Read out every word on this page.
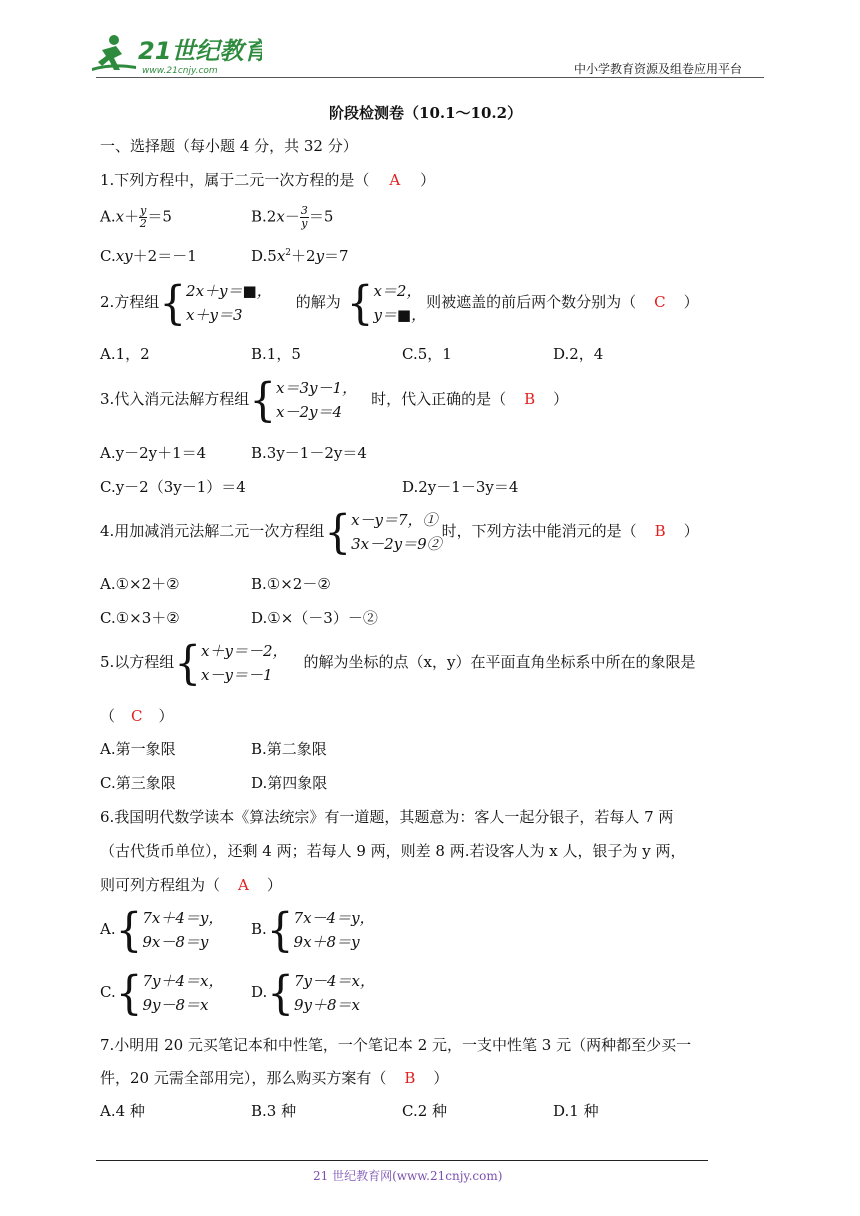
21世纪教育
www.21cnjy.com	中小学教育资源及组卷应用平台
阶段检测卷（10.1～10.2）
一、选择题（每小题 4 分，共 32 分）
1.下列方程中，属于二元一次方程的是（ A ）
$A.x+ \frac{y}{2} =5$	$B.2x- \frac{3}{y} =5$
C.xy＋2＝－1	$D.5x^2+2y=7$
2.方程组{ 2x＋y＝■，
x＋y＝3
的解为 { x＝2，
y＝■，
则被遮盖的前后两个数分别为（ C ）
A.1，2	B.1，5	C.5，1	D.2，4
3.代入消元法解方程组{ x＝3y－1，
x－2y＝4
时，代入正确的是（ B ）
A.y－2y＋1＝4	B.3y－1－2y＝4
C.y－2（3y－1）＝4	D.2y－1－3y＝4
4.用加减消元法解二元一次方程组{ x－y＝7，①
3x－2y＝9②
时，下列方法中能消元的是（ B ）
A.①×2＋②	B.①×2－②
C.①×3＋②	D.①×（－3）－②
5.以方程组{ x＋y＝－2，
x－y＝－1
的解为坐标的点（x，y）在平面直角坐标系中所在的象限是
（ C ）
A.第一象限	B.第二象限
C.第三象限	D.第四象限
6.我国明代数学读本《算法统宗》有一道题，其题意为：客人一起分银子，若每人 7 两
（古代货币单位），还剩 4 两；若每人 9 两，则差 8 两.若设客人为 x 人，银子为 y 两，
则可列方程组为（ A ）
A.{ 7x＋4＝y，
9x－8＝y
B.{ 7x－4＝y，
9x＋8＝y
C.{ 7y＋4＝x，
9y－8＝x
D.{ 7y－4＝x，
9y＋8＝x
7.小明用 20 元买笔记本和中性笔，一个笔记本 2 元，一支中性笔 3 元（两种都至少买一
件，20 元需全部用完），那么购买方案有（ B ）
A.4 种	B.3 种	C.2 种	D.1 种
21 世纪教育网(www.21cnjy.com)
